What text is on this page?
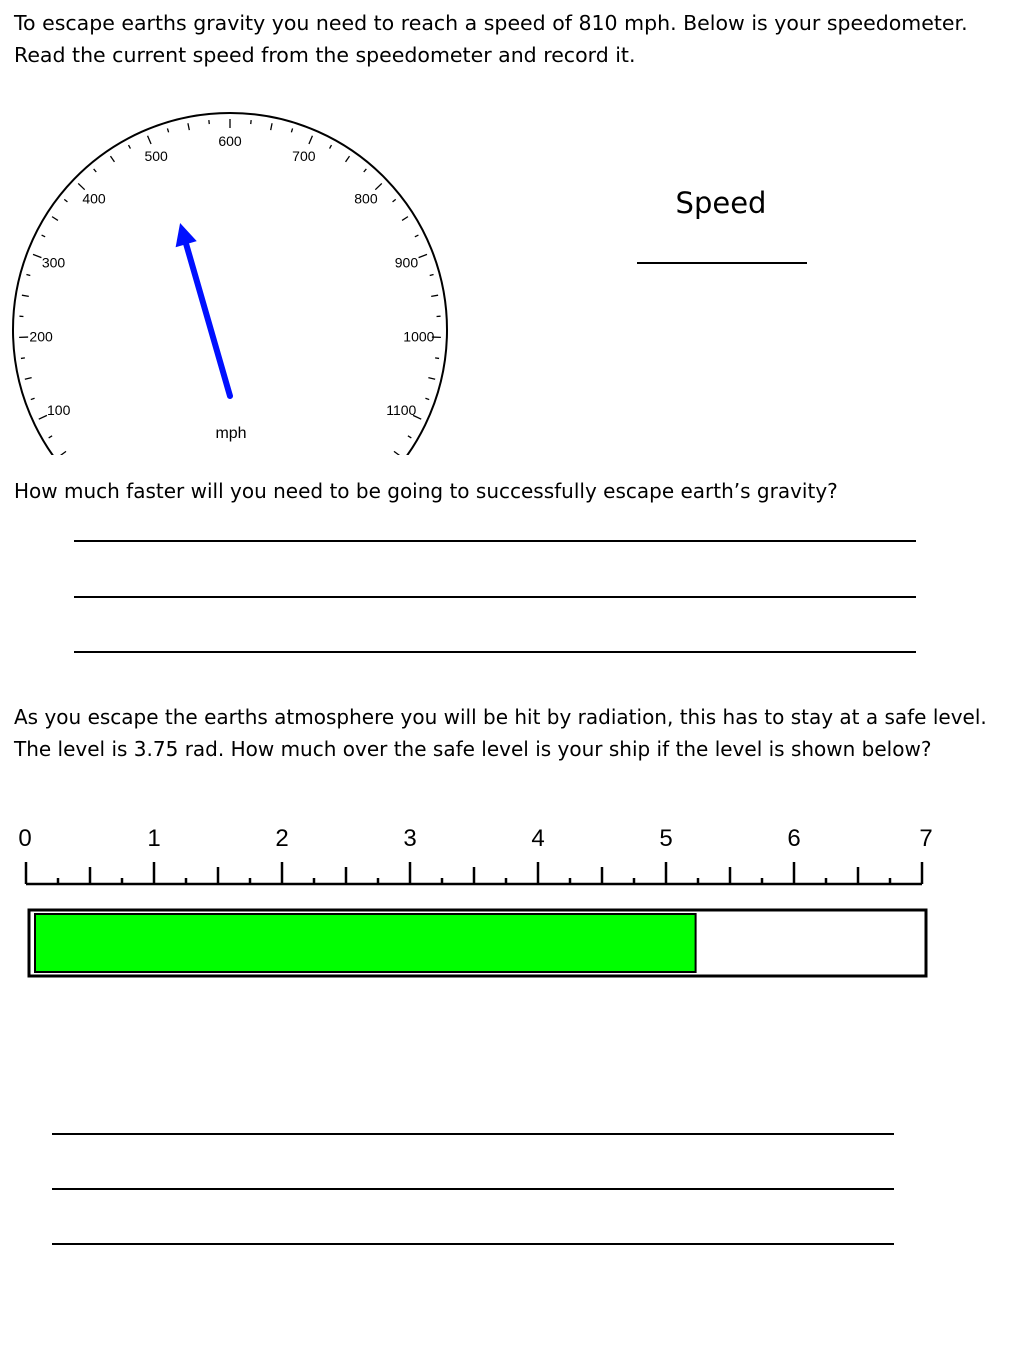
To escape earths gravity you need to reach a speed of 810 mph. Below is your speedometer.
Read the current speed from the speedometer and record it.

100
200
300
400
500
600
700
800
900
1000
1100
mph
Speed

How much faster will you need to be going to successfully escape earth’s gravity?

As you escape the earths atmosphere you will be hit by radiation, this has to stay at a safe level. The level is 3.75 rad. How much over the safe level is your ship if the level is shown below?

0	1	2	3	4	5	6	7
